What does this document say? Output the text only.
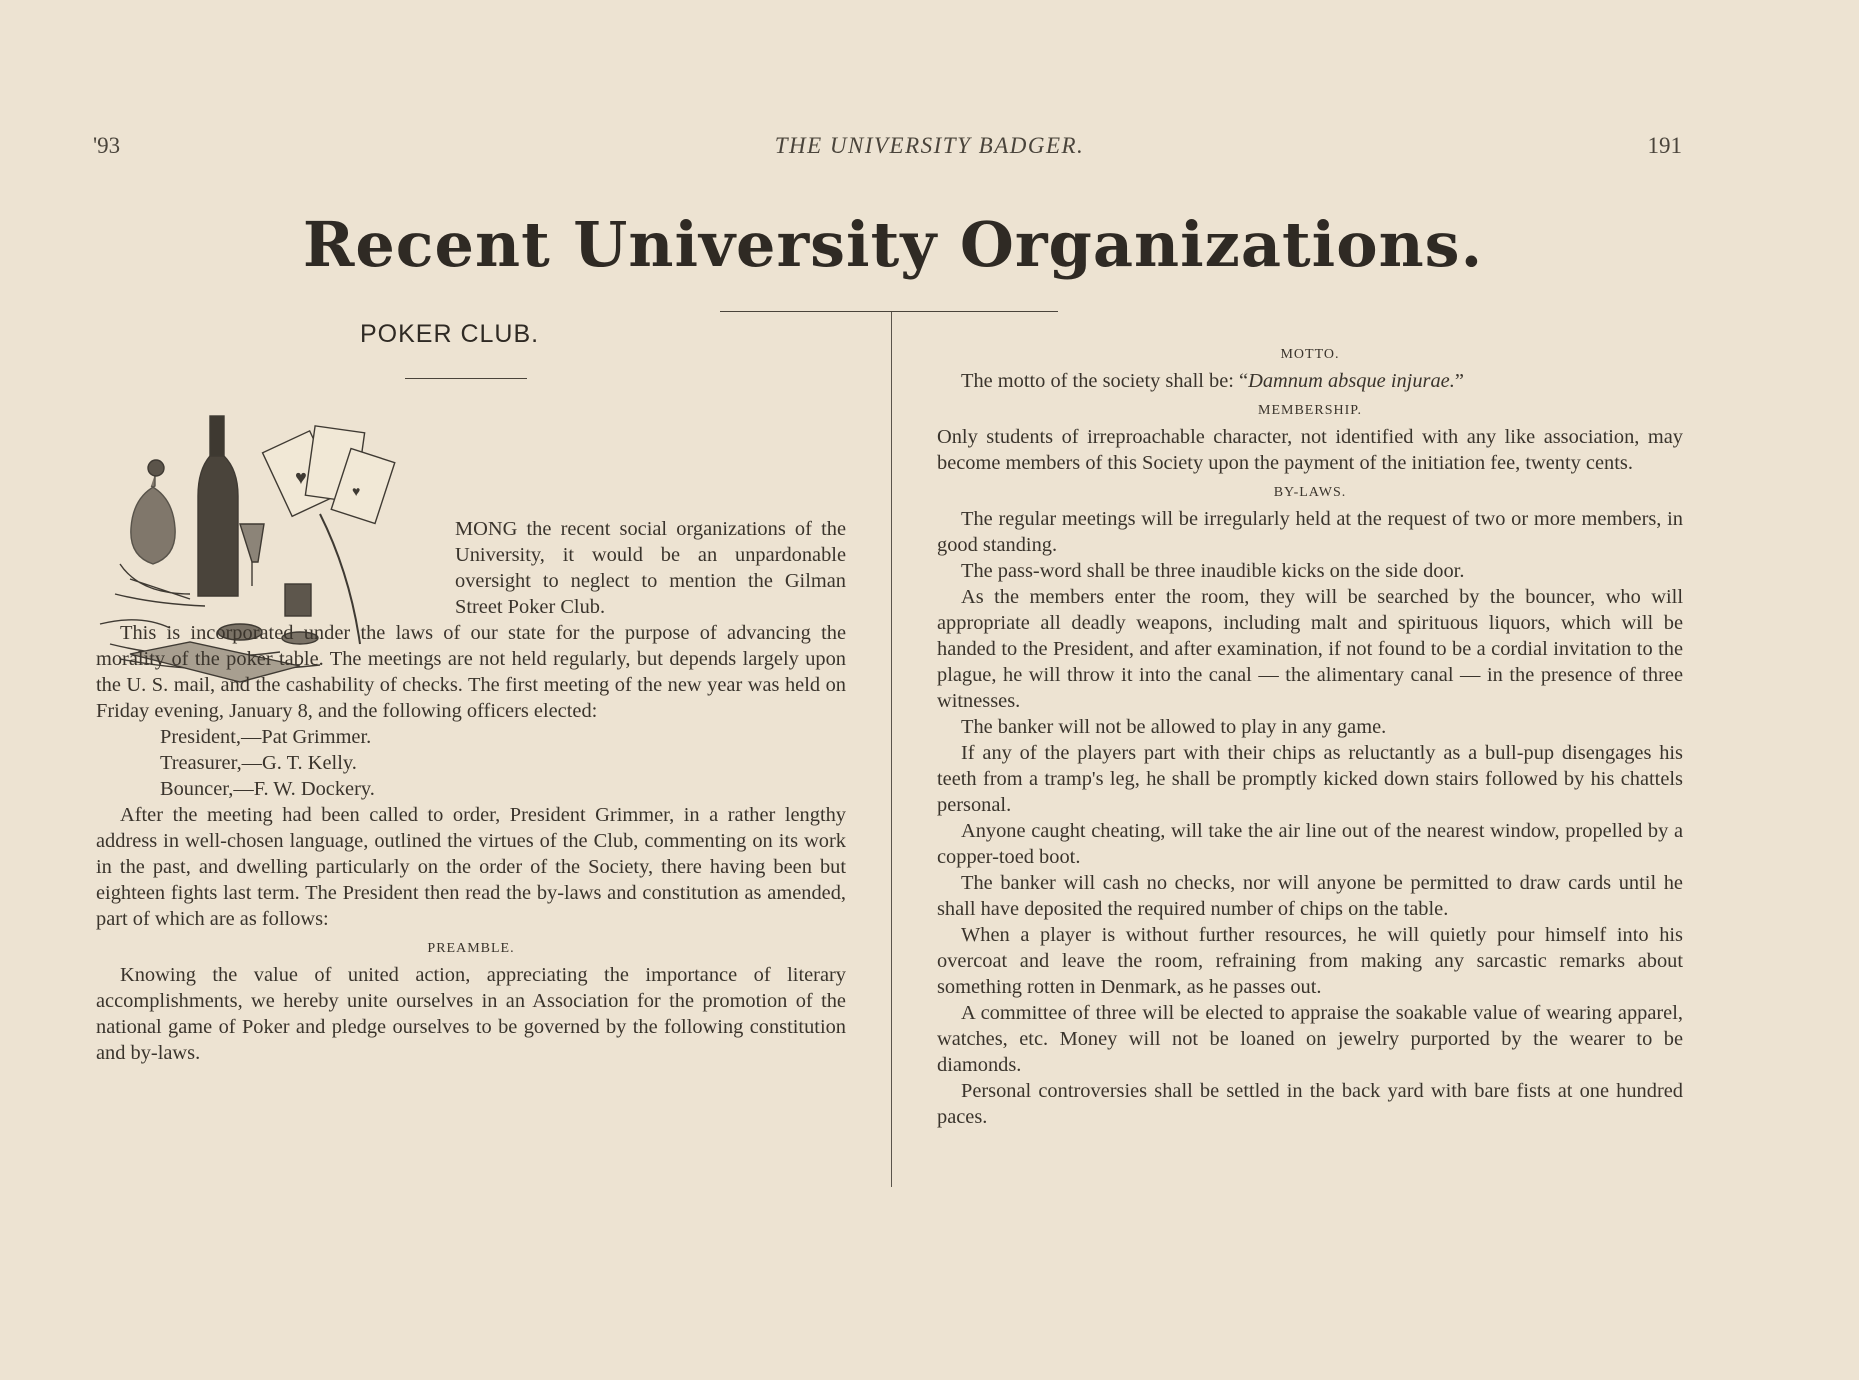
'93	THE UNIVERSITY BADGER.	191
Recent University Organizations.
POKER CLUB.
♥
♥

MONG the recent social organizations of the University, it would be an unpardonable oversight to neglect to mention the Gilman Street Poker Club.

This is incorporated under the laws of our state for the purpose of advancing the morality of the poker table. The meetings are not held regularly, but depends largely upon the U. S. mail, and the cashability of checks. The first meeting of the new year was held on Friday evening, January 8, and the following officers elected:

President,—Pat Grimmer.
Treasurer,—G. T. Kelly.
Bouncer,—F. W. Dockery.

After the meeting had been called to order, President Grimmer, in a rather lengthy address in well-chosen language, outlined the virtues of the Club, commenting on its work in the past, and dwelling particularly on the order of the Society, there having been but eighteen fights last term. The President then read the by-laws and constitution as amended, part of which are as follows:

PREAMBLE.

Knowing the value of united action, appreciating the importance of literary accomplishments, we hereby unite ourselves in an Association for the promotion of the national game of Poker and pledge ourselves to be governed by the following constitution and by-laws.

MOTTO.

The motto of the society shall be: “Damnum absque injurae.”

MEMBERSHIP.

Only students of irreproachable character, not identified with any like association, may become members of this Society upon the payment of the initiation fee, twenty cents.

BY-LAWS.

The regular meetings will be irregularly held at the request of two or more members, in good standing.

The pass-word shall be three inaudible kicks on the side door.

As the members enter the room, they will be searched by the bouncer, who will appropriate all deadly weapons, including malt and spirituous liquors, which will be handed to the President, and after examination, if not found to be a cordial invitation to the plague, he will throw it into the canal — the alimentary canal — in the presence of three witnesses.

The banker will not be allowed to play in any game.

If any of the players part with their chips as reluctantly as a bull-pup disengages his teeth from a tramp's leg, he shall be promptly kicked down stairs followed by his chattels personal.

Anyone caught cheating, will take the air line out of the nearest window, propelled by a copper-toed boot.

The banker will cash no checks, nor will anyone be permitted to draw cards until he shall have deposited the required number of chips on the table.

When a player is without further resources, he will quietly pour himself into his overcoat and leave the room, refraining from making any sarcastic remarks about something rotten in Denmark, as he passes out.

A committee of three will be elected to appraise the soakable value of wearing apparel, watches, etc. Money will not be loaned on jewelry purported by the wearer to be diamonds.

Personal controversies shall be settled in the back yard with bare fists at one hundred paces.
